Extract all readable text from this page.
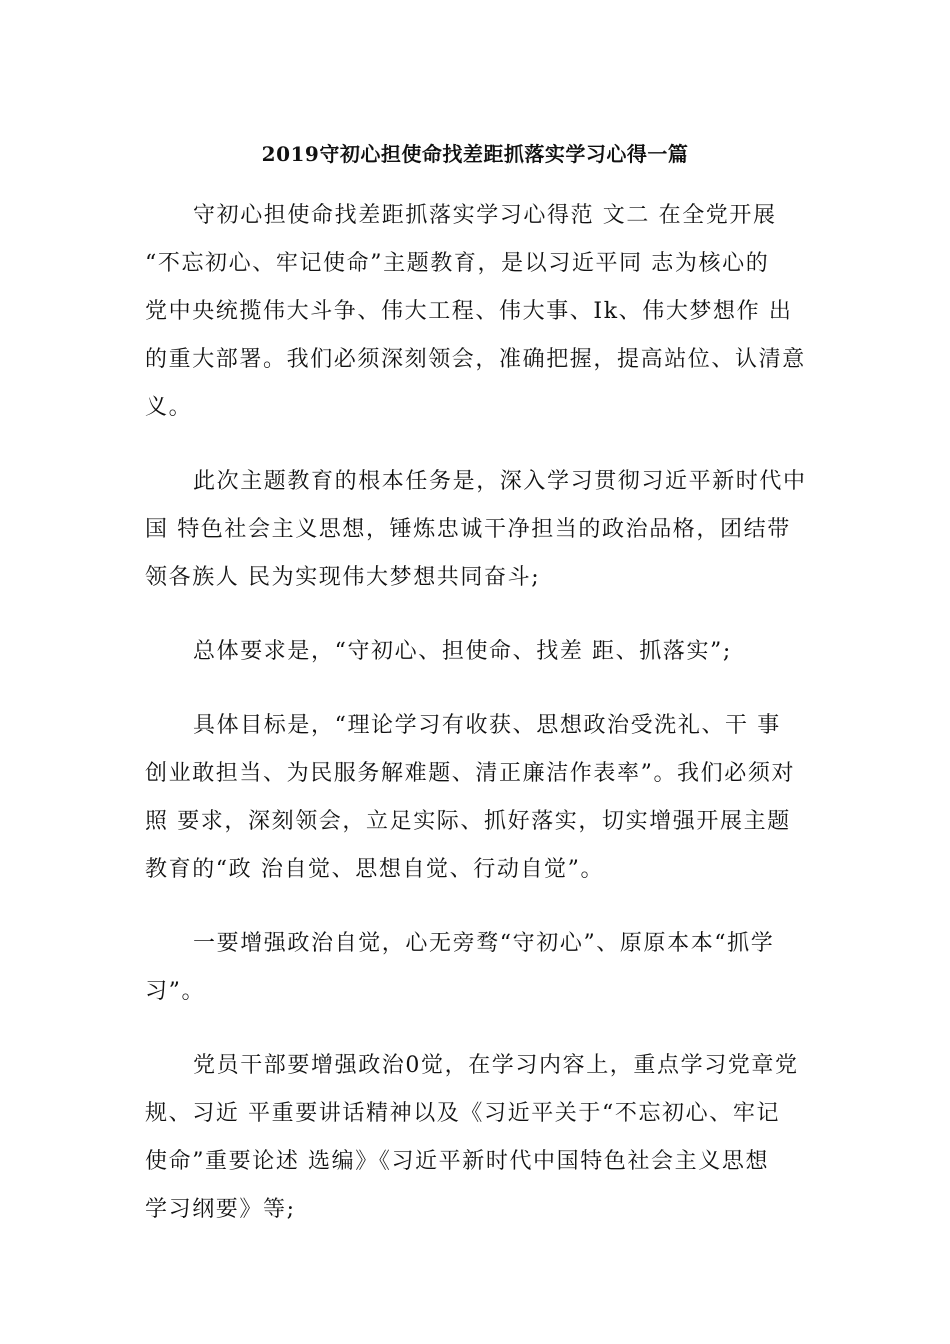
2019守初心担使命找差距抓落实学习心得一篇

守初心担使命找差距抓落实学习心得范 文二 在全党开展
“不忘初心、牢记使命”主题教育，是以习近平同 志为核心的
党中央统揽伟大斗争、伟大工程、伟大事、Ik、伟大梦想作 出
的重大部署。我们必须深刻领会，准确把握，提高站位、认清意
义。

此次主题教育的根本任务是，深入学习贯彻习近平新时代中
国 特色社会主义思想，锤炼忠诚干净担当的政治品格，团结带
领各族人 民为实现伟大梦想共同奋斗;

总体要求是，“守初心、担使命、找差 距、抓落实”;

具体目标是，“理论学习有收获、思想政治受洗礼、干 事
创业敢担当、为民服务解难题、清正廉洁作表率”。我们必须对
照 要求，深刻领会，立足实际、抓好落实，切实增强开展主题
教育的“政 治自觉、思想自觉、行动自觉”。

一要增强政治自觉，心无旁骛“守初心”、原原本本“抓学
习”。

党员干部要增强政治0觉，在学习内容上，重点学习党章党
规、习近 平重要讲话精神以及《习近平关于“不忘初心、牢记
使命”重要论述 选编》《习近平新时代中国特色社会主义思想
学习纲要》等;
